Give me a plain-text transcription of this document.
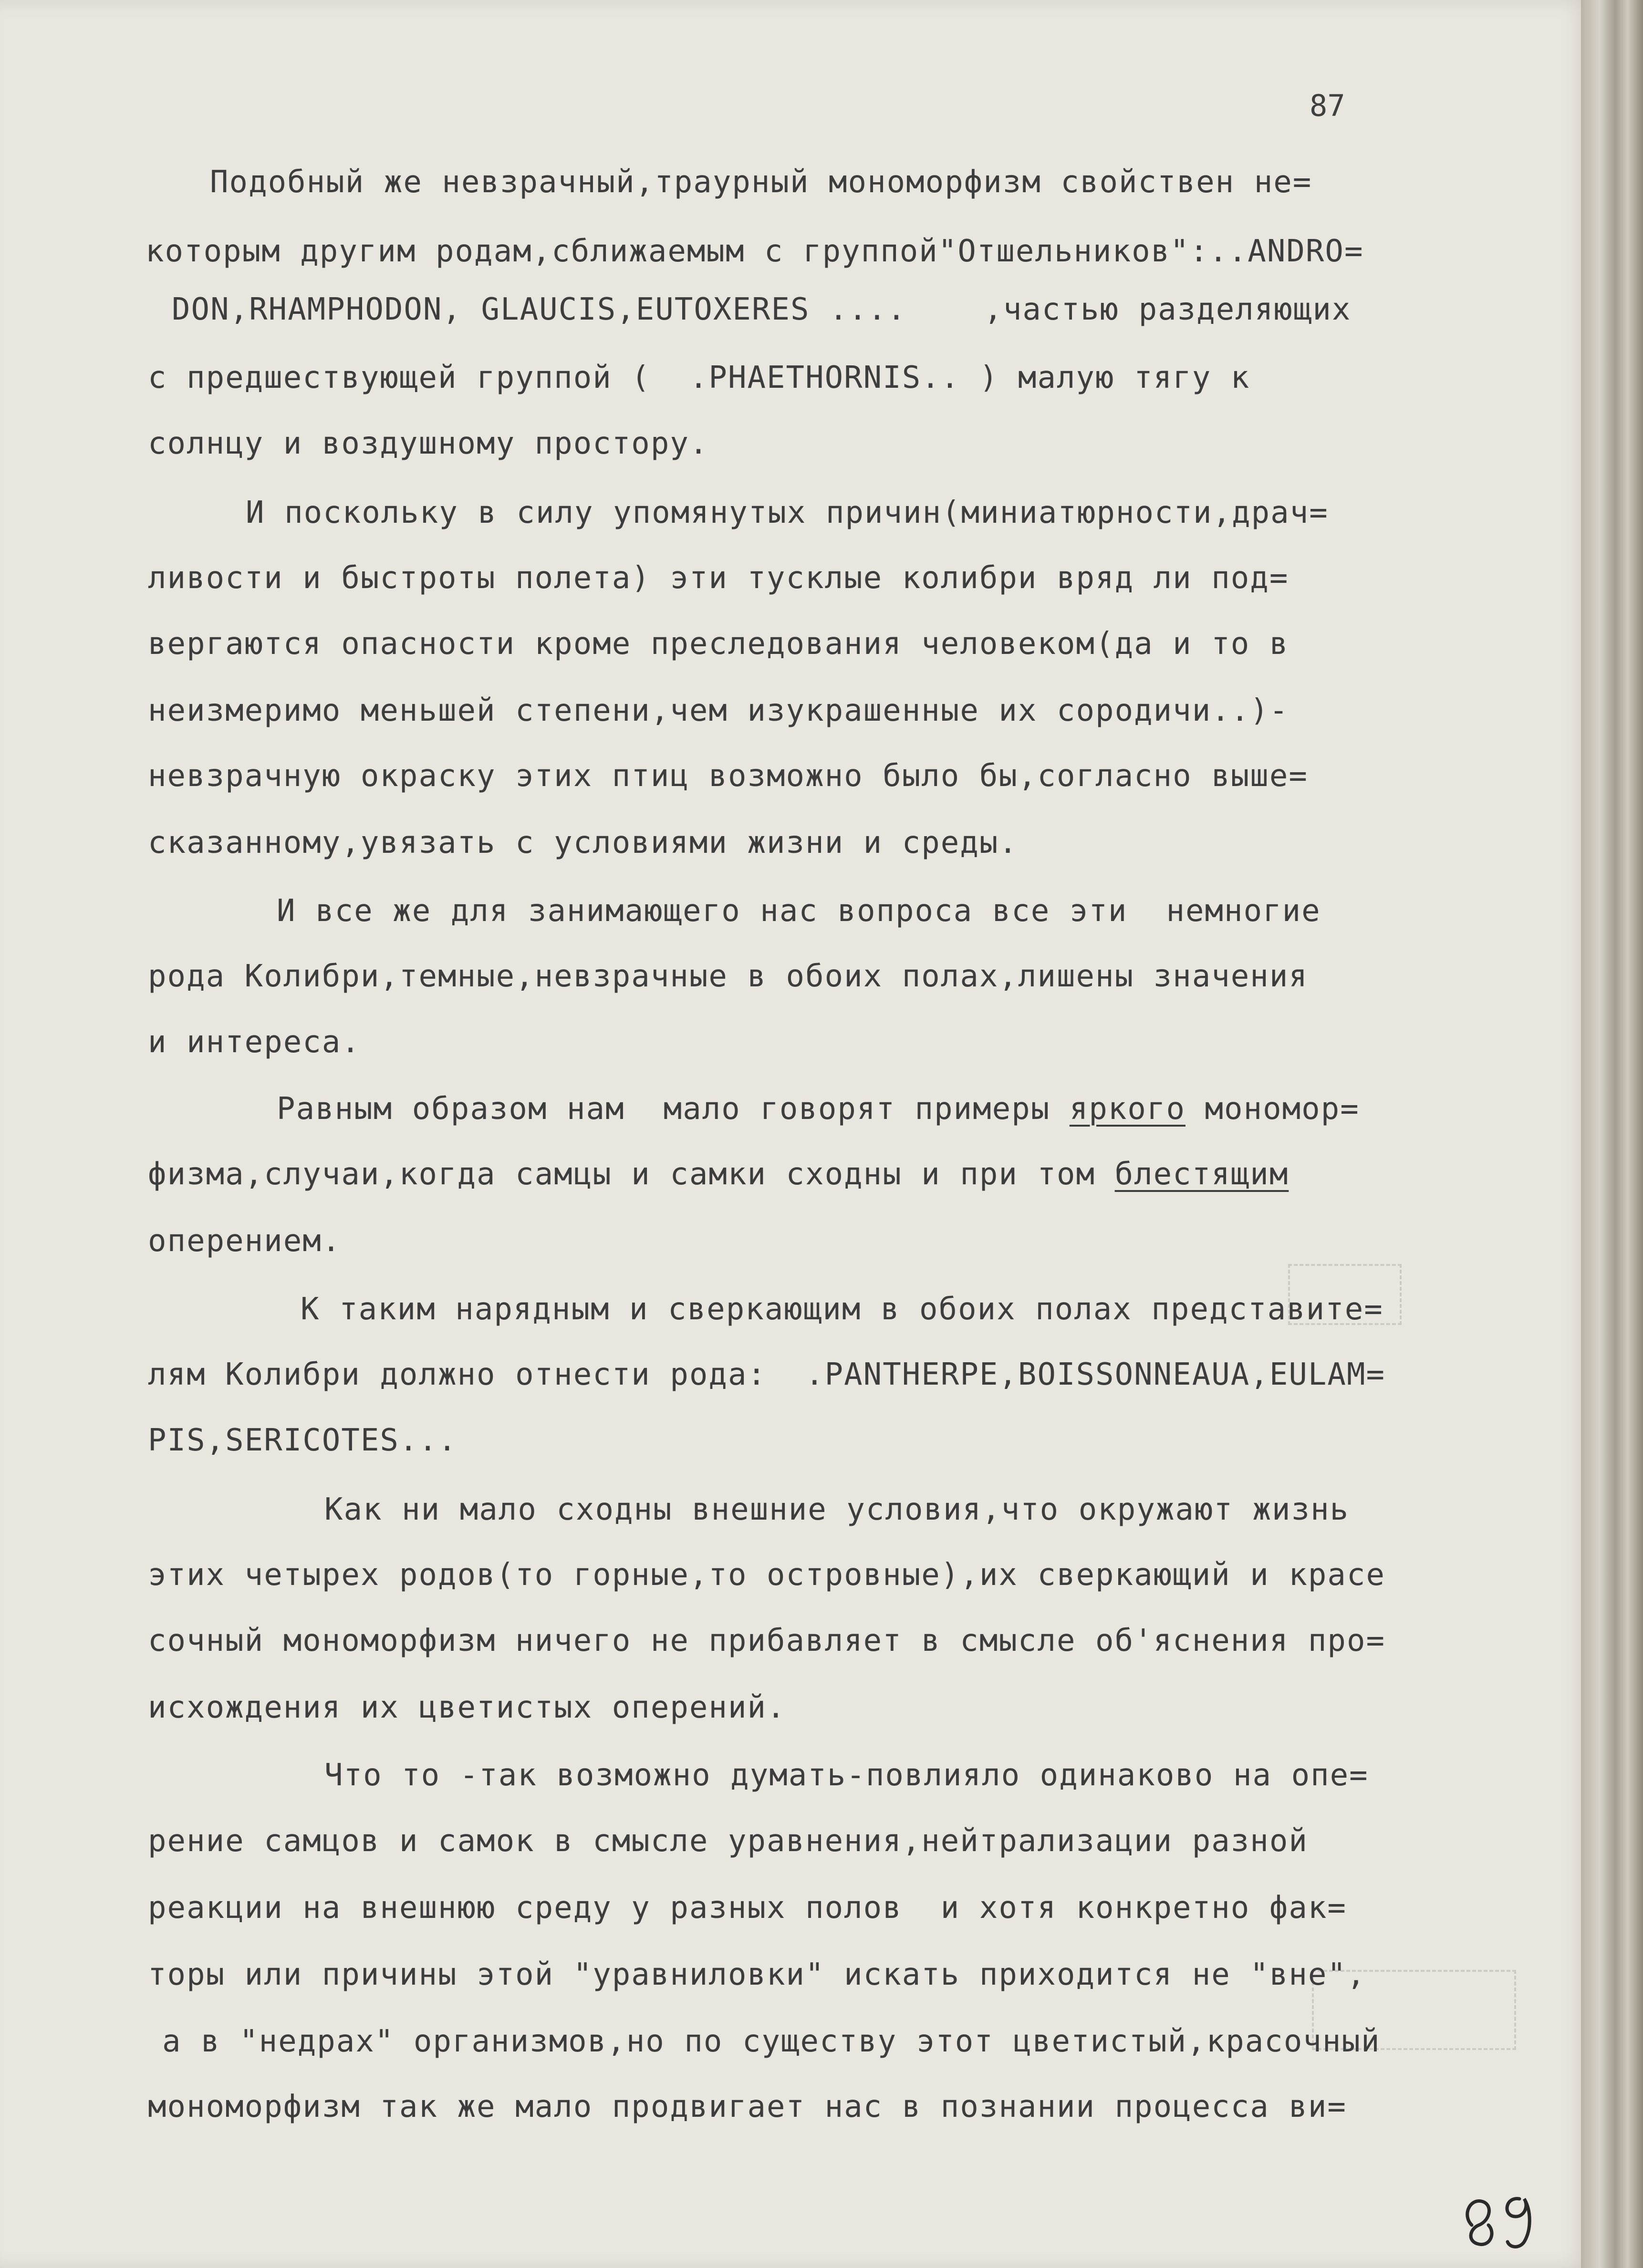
87
Подобный же невзрачный,траурный мономорфизм свойствен не=
которым другим родам,сближаемым с группой"Отшельников":..ANDRO=
DON,RHAMPHODON, GLAUCIS,EUTOXERES ....    ,частью разделяющих
с предшествующей группой (  .PHAETHORNIS.. ) малую тягу к
солнцу и воздушному простору.
И поскольку в силу упомянутых причин(миниатюрности,драч=
ливости и быстроты полета) эти тусклые колибри вряд ли под=
вергаются опасности кроме преследования человеком(да и то в
неизмеримо меньшей степени,чем изукрашенные их сородичи..)-
невзрачную окраску этих птиц возможно было бы,согласно выше=
сказанному,увязать с условиями жизни и среды.
И все же для занимающего нас вопроса все эти  немногие
рода Колибри,темные,невзрачные в обоих полах,лишены значения
и интереса.
Равным образом нам  мало говорят примеры яркого мономор=
физма,случаи,когда самцы и самки сходны и при том блестящим
оперением.
К таким нарядным и сверкающим в обоих полах представите=
лям Колибри должно отнести рода:  .PANTHERPE,BOISSONNEAUA,EULAM=
PIS,SERICOTES...
Как ни мало сходны внешние условия,что окружают жизнь
этих четырех родов(то горные,то островные),их сверкающий и красе
сочный мономорфизм ничего не прибавляет в смысле об'яснения про=
исхождения их цветистых оперений.
Что то -так возможно думать-повлияло одинаково на опе=
рение самцов и самок в смысле уравнения,нейтрализации разной
реакции на внешнюю среду у разных полов  и хотя конкретно фак=
торы или причины этой "уравниловки" искать приходится не "вне",
а в "недрах" организмов,но по существу этот цветистый,красочный
мономорфизм так же мало продвигает нас в познании процесса ви=
